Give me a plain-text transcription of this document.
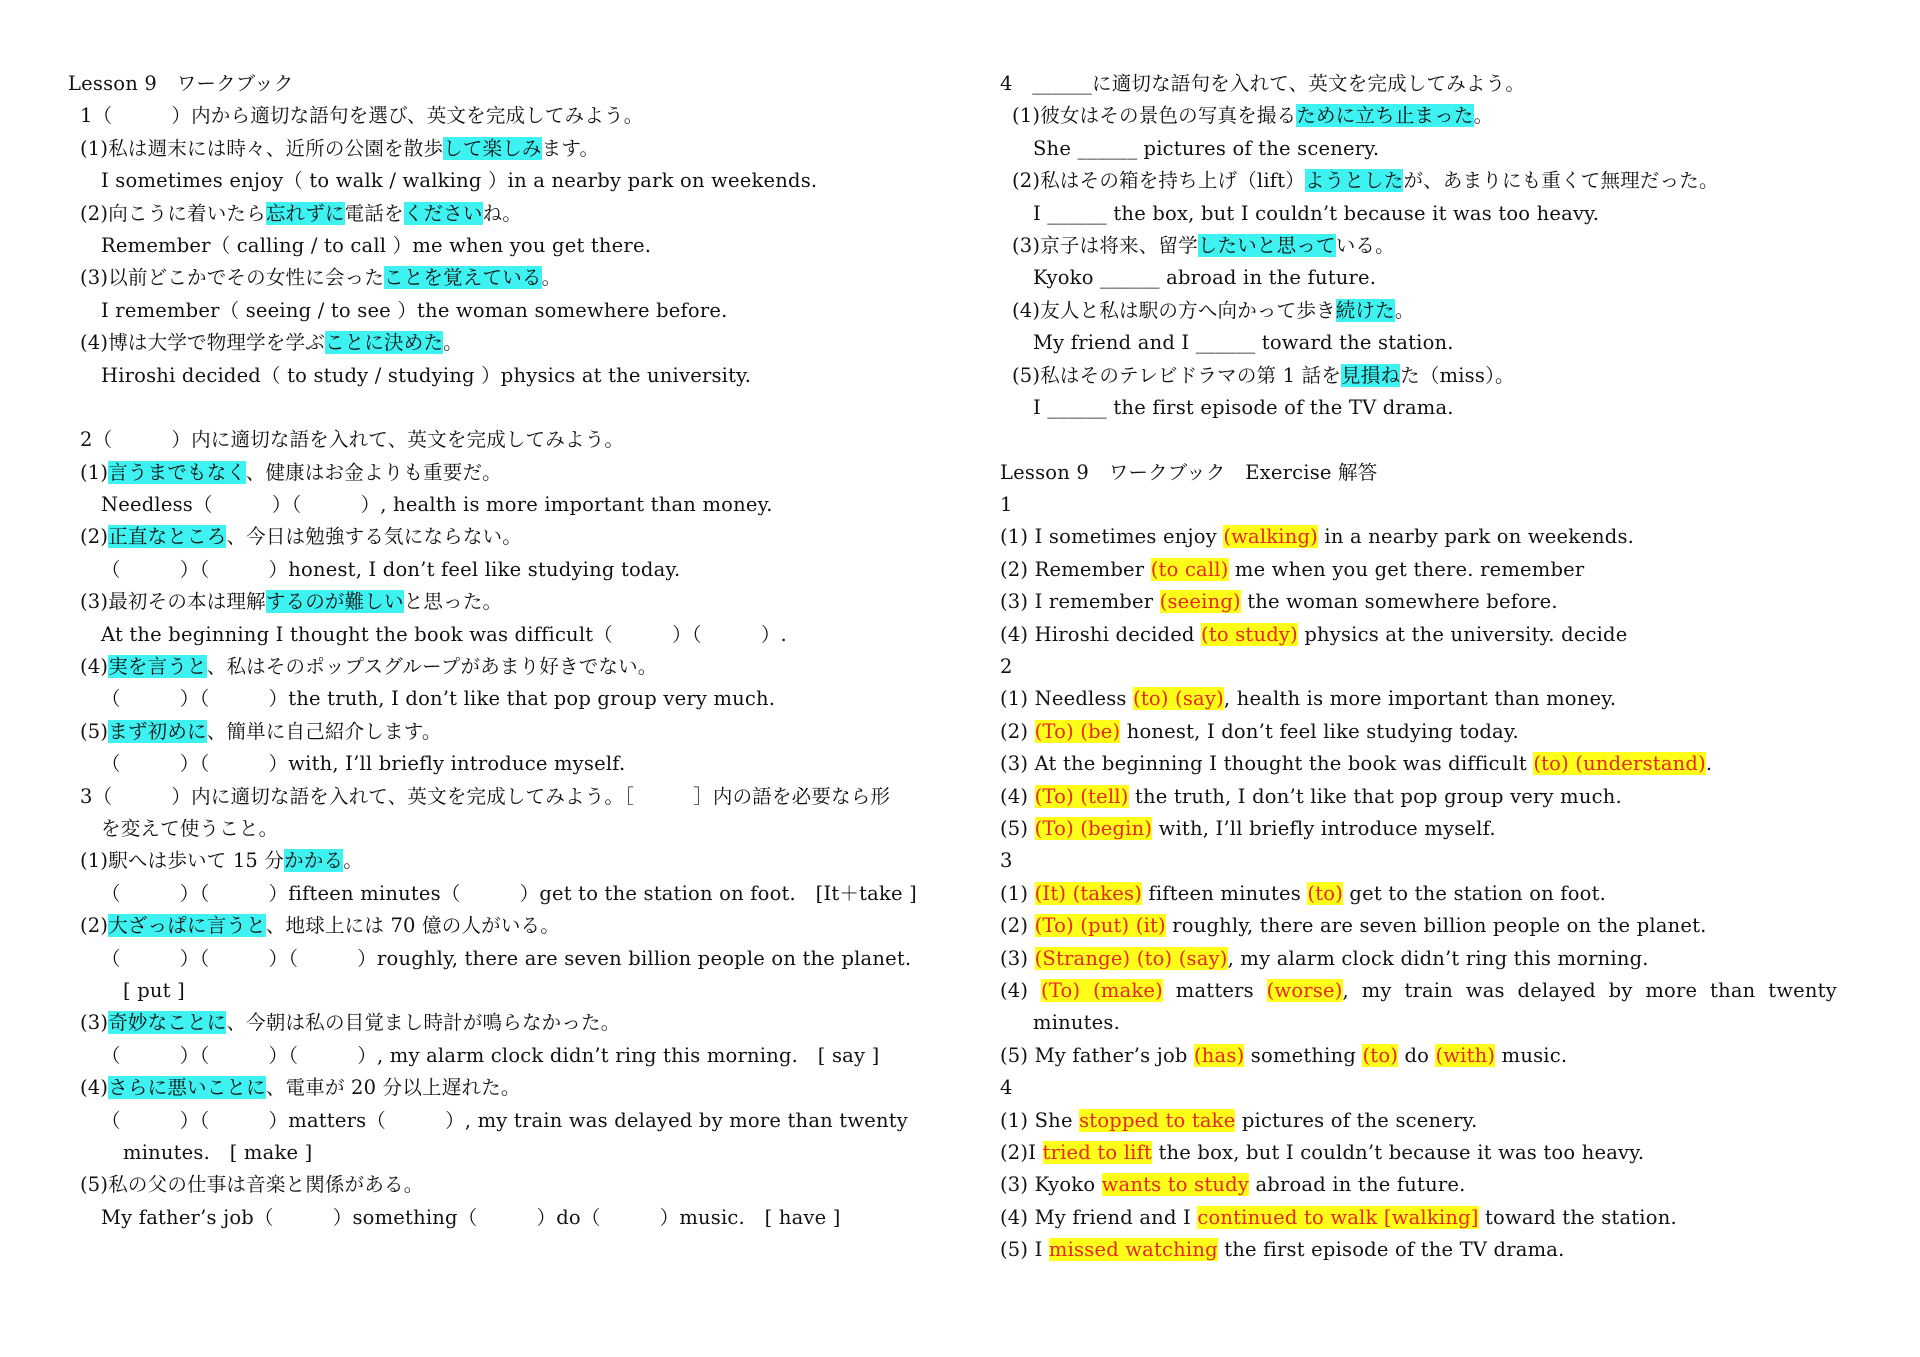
Lesson 9　ワークブック
1（　　　）内から適切な語句を選び、英文を完成してみよう。
(1)私は週末には時々、近所の公園を散歩して楽しみます。
I sometimes enjoy（ to walk / walking ）in a nearby park on weekends.
(2)向こうに着いたら忘れずに電話をくださいね。
Remember（ calling / to call ）me when you get there.
(3)以前どこかでその女性に会ったことを覚えている。
I remember（ seeing / to see ）the woman somewhere before.
(4)博は大学で物理学を学ぶことに決めた。
Hiroshi decided（ to study / studying ）physics at the university.
2（　　　）内に適切な語を入れて、英文を完成してみよう。
(1)言うまでもなく、健康はお金よりも重要だ。
Needless（　　　）（　　　）, health is more important than money.
(2)正直なところ、今日は勉強する気にならない。
（　　　）（　　　）honest, I don’t feel like studying today.
(3)最初その本は理解するのが難しいと思った。
At the beginning I thought the book was difficult（　　　）（　　　）.
(4)実を言うと、私はそのポップスグループがあまり好きでない。
（　　　）（　　　）the truth, I don’t like that pop group very much.
(5)まず初めに、簡単に自己紹介します。
（　　　）（　　　）with, I’ll briefly introduce myself.
3（　　　）内に適切な語を入れて、英文を完成してみよう。［　　　］内の語を必要なら形
を変えて使うこと。
(1)駅へは歩いて 15 分かかる。
（　　　）（　　　）fifteen minutes（　　　）get to the station on foot.　[It＋take ]
(2)大ざっぱに言うと、地球上には 70 億の人がいる。
（　　　）（　　　）（　　　）roughly, there are seven billion people on the planet.
[ put ]
(3)奇妙なことに、今朝は私の目覚まし時計が鳴らなかった。
（　　　）（　　　）（　　　）, my alarm clock didn’t ring this morning.　[ say ]
(4)さらに悪いことに、電車が 20 分以上遅れた。
（　　　）（　　　）matters（　　　）, my train was delayed by more than twenty
minutes.　[ make ]
(5)私の父の仕事は音楽と関係がある。
My father’s job（　　　）something（　　　）do（　　　）music.　[ have ]
4　______に適切な語句を入れて、英文を完成してみよう。
(1)彼女はその景色の写真を撮るために立ち止まった。
She ______ pictures of the scenery.
(2)私はその箱を持ち上げ（lift）ようとしたが、あまりにも重くて無理だった。
I ______ the box, but I couldn’t because it was too heavy.
(3)京子は将来、留学したいと思っている。
Kyoko ______ abroad in the future.
(4)友人と私は駅の方へ向かって歩き続けた。
My friend and I ______ toward the station.
(5)私はそのテレビドラマの第 1 話を見損ねた（miss）。
I ______ the first episode of the TV drama.
Lesson 9　ワークブック　Exercise 解答
1
(1) I sometimes enjoy (walking) in a nearby park on weekends.
(2) Remember (to call) me when you get there. remember
(3) I remember (seeing) the woman somewhere before.
(4) Hiroshi decided (to study) physics at the university. decide
2
(1) Needless (to) (say), health is more important than money.
(2) (To) (be) honest, I don’t feel like studying today.
(3) At the beginning I thought the book was difficult (to) (understand).
(4) (To) (tell) the truth, I don’t like that pop group very much.
(5) (To) (begin) with, I’ll briefly introduce myself.
3
(1) (It) (takes) fifteen minutes (to) get to the station on foot.
(2) (To) (put) (it) roughly, there are seven billion people on the planet.
(3) (Strange) (to) (say), my alarm clock didn’t ring this morning.
(4)  (To)  (make)  matters  (worse),  my  train  was  delayed  by  more  than  twenty
minutes.
(5) My father’s job (has) something (to) do (with) music.
4
(1) She stopped to take pictures of the scenery.
(2)I tried to lift the box, but I couldn’t because it was too heavy.
(3) Kyoko wants to study abroad in the future.
(4) My friend and I continued to walk [walking] toward the station.
(5) I missed watching the first episode of the TV drama.
